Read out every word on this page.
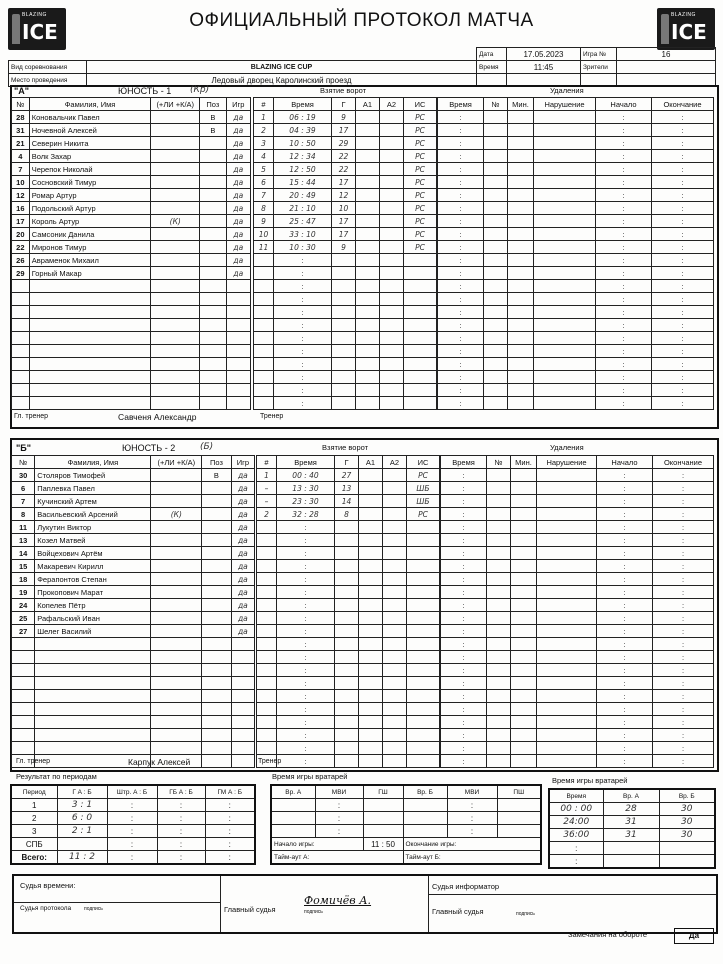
BLAZING
ICE
BLAZING
ICE
ОФИЦИАЛЬНЫЙ ПРОТОКОЛ МАТЧА
		Дата	17.05.2023	Игра №	16
Вид соревнования	BLAZING ICE CUP	Время	11:45	Зрители	
Место проведения	Ледовый дворец Каролинский проезд				
№	Фамилия, Имя	(+ЛИ +К/А)	Поз	Игр
28	Коновальчик Павел		В	да
31	Ночевной Алексей		В	да
21	Северин Никита			да
4	Волк Захар			да
7	Черепок Николай			да
10	Сосновский Тимур			да
12	Ромар Артур			да
16	Подольский Артур			да
17	Король Артур	(К)		да
20	Самсоник Данила			да
22	Миронов Тимур			да
26	Авраменок Михаил			да
29	Горный Макар			да

"А"	ЮНОСТЬ - 1 (Кр)
#	Время	Г	А1	А2	ИС
1	06 : 19	9			РС
2	04 : 39	17			РС
3	10 : 50	29			РС
4	12 : 34	22			РС
5	12 : 50	22			РС
6	15 : 44	17			РС
7	20 : 49	12			РС
8	21 : 10	10			РС
9	25 : 47	17			РС
10	33 : 10	17			РС
11	10 : 30	9			РС
	:				
	:				
	:				
	:				
	:				
	:				
	:				
	:				
	:				
	:				
	:				
	:				
Взятие ворот
Время	№	Мин.	Нарушение	Начало	Окончание
:				:	:
:				:	:
:				:	:
:				:	:
:				:	:
:				:	:
:				:	:
:				:	:
:				:	:
:				:	:
:				:	:
:				:	:
:				:	:
:				:	:
:				:	:
:				:	:
:				:	:
:				:	:
:				:	:
:				:	:
:				:	:
:				:	:
:				:	:
Удаления
Гл. тренер	Савченя Александр	Тренер
№	Фамилия, Имя	(+ЛИ +К/А)	Поз	Игр
30	Столяров Тимофей		В	да
6	Паплевка Павел			да
7	Кучинский Артем			да
8	Васильевский Арсений	(К)		да
11	Лукутин Виктор			да
13	Козел Матвей			да
14	Войцехович Артём			да
15	Макаревич Кирилл			да
18	Ферапонтов Степан			да
19	Прокопович Марат			да
24	Копелев Пётр			да
25	Рафальский Иван			да
27	Шелег Василий			да

"Б"	ЮНОСТЬ - 2	(Б)
#	Время	Г	А1	А2	ИС
1	00 : 40	27			РС
–	13 : 30	13			ШБ
–	23 : 30	14			ШБ
2	32 : 28	8			РС
	:				
	:				
	:				
	:				
	:				
	:				
	:				
	:				
	:				
	:				
	:				
	:				
	:				
	:				
	:				
	:				
	:				
	:				
	:				
Взятие ворот
Время	№	Мин.	Нарушение	Начало	Окончание
:				:	:
:				:	:
:				:	:
:				:	:
:				:	:
:				:	:
:				:	:
:				:	:
:				:	:
:				:	:
:				:	:
:				:	:
:				:	:
:				:	:
:				:	:
:				:	:
:				:	:
:				:	:
:				:	:
:				:	:
:				:	:
:				:	:
:				:	:
Удаления
Гл. тренер	Карпук Алексей	Тренер
Результат по периодам
Период	Г А : Б	Штр. А : Б	ГБ А : Б	ГМ А : Б
1	3 : 1	:	:	:
2	6 : 0	:	:	:
3	2 : 1	:	:	:
СПБ		:	:	:
Всего:	11 : 2	:	:	:
Время игры вратарей
Вр. А	МВИ	ГШ	Вр. Б	МВИ	ПШ
	:			:	
	:			:	
	:			:	
Начало игры:		11 : 50	Окончание игры:		
Тайм-аут А:			Тайм-аут Б:		
Время игры вратарей
Время	Вр. А	Вр. Б
00 : 00	28	30
24:00	31	30
36:00	31	30
:		
:		
Судья времени:
Судья протокола	подпись	Главный судья
Фомичёв А.
подпись
Судья информатор
Главный судья	подпись
Замечания на обороте	Да
